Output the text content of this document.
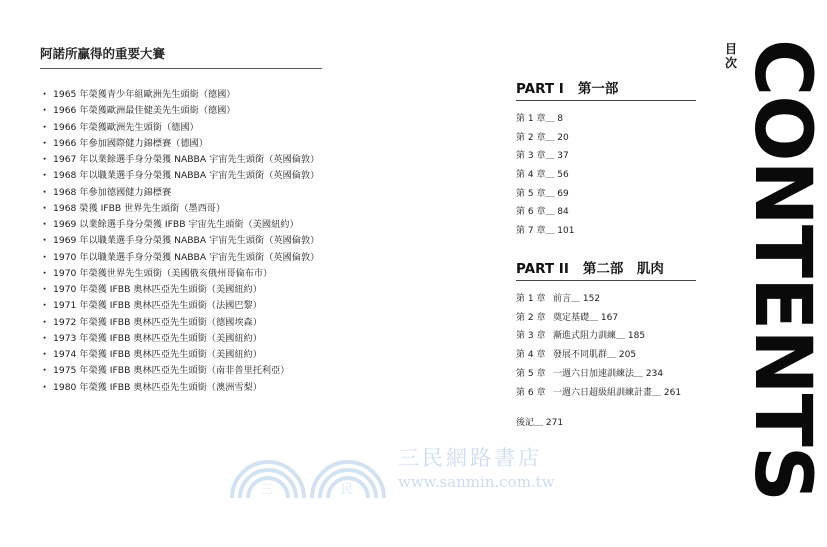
阿諾所贏得的重要大賽
・ 1965 年榮獲青少年組歐洲先生頭銜（德國）
・ 1966 年榮獲歐洲最佳健美先生頭銜（德國）
・ 1966 年榮獲歐洲先生頭銜（德國）
・ 1966 年參加國際健力錦標賽（德國）
・ 1967 年以業餘選手身分榮獲 NABBA 宇宙先生頭銜（英國倫敦）
・ 1968 年以職業選手身分榮獲 NABBA 宇宙先生頭銜（英國倫敦）
・ 1968 年參加德國健力錦標賽
・ 1968 榮獲 IFBB 世界先生頭銜（墨西哥）
・ 1969 以業餘選手身分榮獲 IFBB 宇宙先生頭銜（美國紐約）
・ 1969 年以職業選手身分榮獲 NABBA 宇宙先生頭銜（英國倫敦）
・ 1970 年以職業選手身分榮獲 NABBA 宇宙先生頭銜（英國倫敦）
・ 1970 年榮獲世界先生頭銜（美國俄亥俄州哥倫布市）
・ 1970 年榮獲 IFBB 奧林匹亞先生頭銜（美國紐約）
・ 1971 年榮獲 IFBB 奧林匹亞先生頭銜（法國巴黎）
・ 1972 年榮獲 IFBB 奧林匹亞先生頭銜（德國埃森）
・ 1973 年榮獲 IFBB 奧林匹亞先生頭銜（美國紐約）
・ 1974 年榮獲 IFBB 奧林匹亞先生頭銜（美國紐約）
・ 1975 年榮獲 IFBB 奧林匹亞先生頭銜（南非普里托利亞）
・ 1980 年榮獲 IFBB 奧林匹亞先生頭銜（澳洲雪梨）
三	民
三民網路書店
www.sanmin.com.tw
PART I 第一部
第 1 章＿ 8
第 2 章＿ 20
第 3 章＿ 37
第 4 章＿ 56
第 5 章＿ 69
第 6 章＿ 84
第 7 章＿ 101
PART II 第二部　肌肉
第 1 章 前言＿ 152
第 2 章 奠定基礎＿ 167
第 3 章 漸進式阻力訓練＿ 185
第 4 章 發展不同肌群＿ 205
第 5 章 一週六日加速訓練法＿ 234
第 6 章 一週六日超級組訓練計畫＿ 261
後記＿ 271
目
次 CONTENTS
